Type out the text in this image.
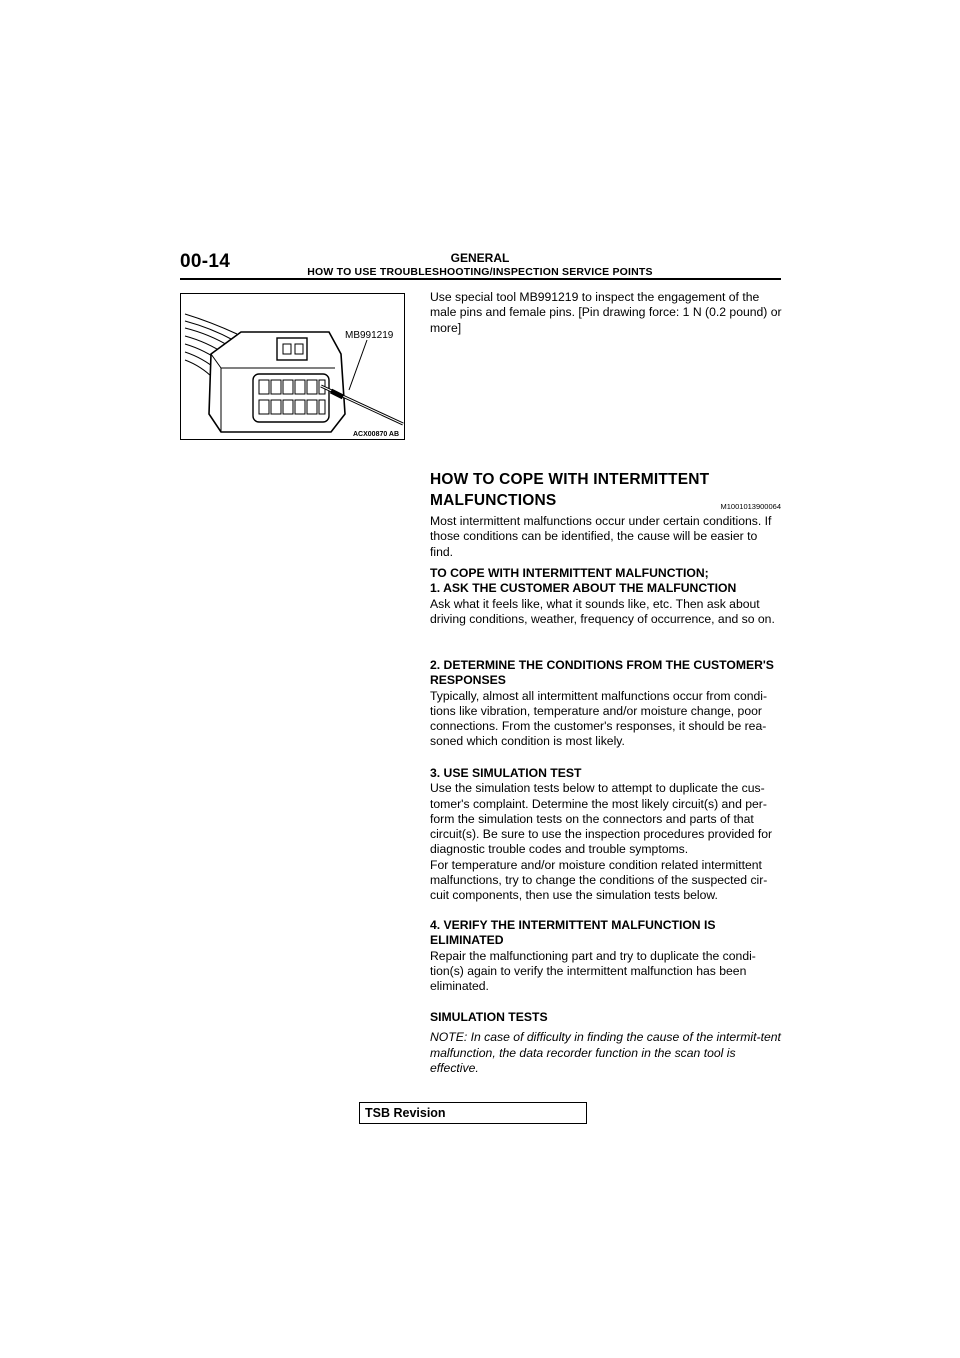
00-14	GENERAL
HOW TO USE TROUBLESHOOTING/INSPECTION SERVICE POINTS
MB991219
ACX00870 AB

Use special tool MB991219 to inspect the engagement of the male pins and female pins. [Pin drawing force: 1 N (0.2 pound) or more]

HOW TO COPE WITH INTERMITTENT MALFUNCTIONS	M1001013900064

Most intermittent malfunctions occur under certain conditions. If those conditions can be identified, the cause will be easier to find.

TO COPE WITH INTERMITTENT MALFUNCTION;

1. ASK THE CUSTOMER ABOUT THE MALFUNCTION

Ask what it feels like, what it sounds like, etc. Then ask about driving conditions, weather, frequency of occurrence, and so on.

2. DETERMINE THE CONDITIONS FROM THE CUSTOMER'S RESPONSES

Typically, almost all intermittent malfunctions occur from condi-tions like vibration, temperature and/or moisture change, poor connections. From the customer's responses, it should be rea-soned which condition is most likely.

3. USE SIMULATION TEST

Use the simulation tests below to attempt to duplicate the cus-tomer's complaint. Determine the most likely circuit(s) and per-form the simulation tests on the connectors and parts of that circuit(s). Be sure to use the inspection procedures provided for diagnostic trouble codes and trouble symptoms.

For temperature and/or moisture condition related intermittent malfunctions, try to change the conditions of the suspected cir-cuit components, then use the simulation tests below.

4. VERIFY THE INTERMITTENT MALFUNCTION IS ELIMINATED

Repair the malfunctioning part and try to duplicate the condi-tion(s) again to verify the intermittent malfunction has been eliminated.

SIMULATION TESTS

NOTE: In case of difficulty in finding the cause of the intermit-tent malfunction, the data recorder function in the scan tool is effective.

TSB Revision
